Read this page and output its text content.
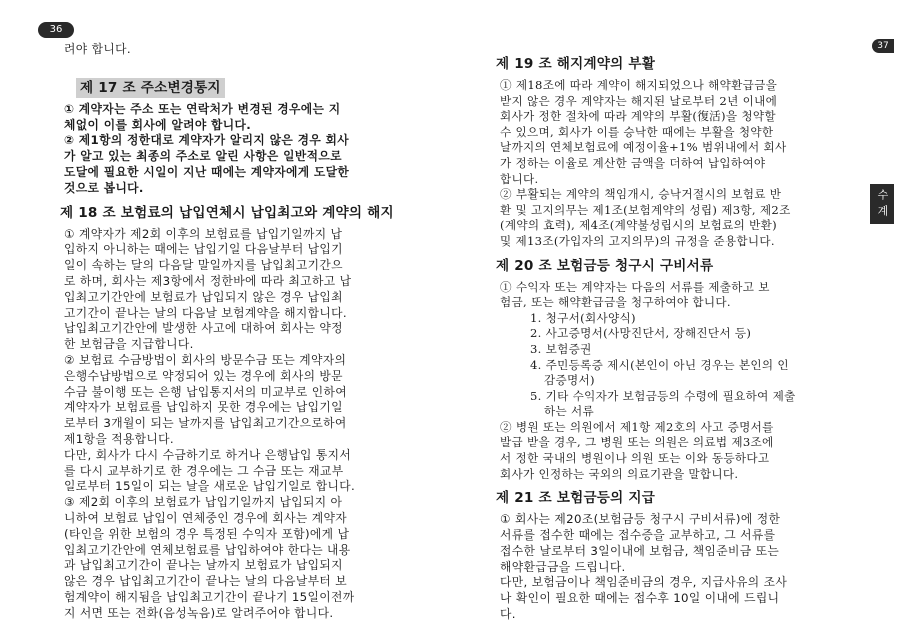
36
37
수계약
려야 합니다.
제 17 조 주소변경통지
① 계약자는 주소 또는 연락처가 변경된 경우에는 지
체없이 이를 회사에 알려야 합니다.
② 제1항의 정한대로 계약자가 알리지 않은 경우 회사
가 알고 있는 최종의 주소로 알린 사항은 일반적으로
도달에 필요한 시일이 지난 때에는 계약자에게 도달한
것으로 봅니다.
제 18 조 보험료의 납입연체시 납입최고와 계약의 해지
① 계약자가 제2회 이후의 보험료를 납입기일까지 납
입하지 아니하는 때에는 납입기일 다음날부터 납입기
일이 속하는 달의 다음달 말일까지를 납입최고기간으
로 하며, 회사는 제3항에서 정한바에 따라 최고하고 납
입최고기간안에 보험료가 납입되지 않은 경우 납입최
고기간이 끝나는 날의 다음날 보험계약을 해지합니다.
납입최고기간안에 발생한 사고에 대하여 회사는 약정
한 보험금을 지급합니다.
② 보험료 수금방법이 회사의 방문수금 또는 계약자의
은행수납방법으로 약정되어 있는 경우에 회사의 방문
수금 불이행 또는 은행 납입통지서의 미교부로 인하여
계약자가 보험료를 납입하지 못한 경우에는 납입기일
로부터 3개월이 되는 날까지를 납입최고기간으로하여
제1항을 적용합니다.
다만, 회사가 다시 수금하기로 하거나 은행납입 통지서
를 다시 교부하기로 한 경우에는 그 수금 또는 재교부
일로부터 15일이 되는 날을 새로운 납입기일로 합니다.
③ 제2회 이후의 보험료가 납입기일까지 납입되지 아
니하여 보험료 납입이 연체중인 경우에 회사는 계약자
(타인을 위한 보험의 경우 특정된 수익자 포함)에게 납
입최고기간안에 연체보험료를 납입하여야 한다는 내용
과 납입최고기간이 끝나는 날까지 보험료가 납입되지
않은 경우 납입최고기간이 끝나는 날의 다음날부터 보
험계약이 해지됨을 납입최고기간이 끝나기 15일이전까
지 서면 또는 전화(음성녹음)로 알려주어야 합니다.
제 19 조 해지계약의 부활
① 제18조에 따라 계약이 해지되었으나 해약환급금을
받지 않은 경우 계약자는 해지된 날로부터 2년 이내에
회사가 정한 절차에 따라 계약의 부활(復活)을 청약할
수 있으며, 회사가 이를 승낙한 때에는 부활을 청약한
날까지의 연체보험료에 예정이율+1% 범위내에서 회사
가 정하는 이율로 계산한 금액을 더하여 납입하여야
합니다.
② 부활되는 계약의 책임개시, 승낙거절시의 보험료 반
환 및 고지의무는 제1조(보험계약의 성립) 제3항, 제2조
(계약의 효력), 제4조(계약불성립시의 보험료의 반환)
및 제13조(가입자의 고지의무)의 규정을 준용합니다.
제 20 조 보험금등 청구시 구비서류
① 수익자 또는 계약자는 다음의 서류를 제출하고 보
험금, 또는 해약환급금을 청구하여야 합니다.
1. 청구서(회사양식)
2. 사고증명서(사망진단서, 장해진단서 등)
3. 보험증권
4. 주민등록증 제시(본인이 아닌 경우는 본인의 인
감증명서)
5. 기타 수익자가 보험금등의 수령에 필요하여 제출
하는 서류
② 병원 또는 의원에서 제1항 제2호의 사고 증명서를
발급 받을 경우, 그 병원 또는 의원은 의료법 제3조에
서 정한 국내의 병원이나 의원 또는 이와 동등하다고
회사가 인정하는 국외의 의료기관을 말합니다.
제 21 조 보험금등의 지급
① 회사는 제20조(보험금등 청구시 구비서류)에 정한
서류를 접수한 때에는 접수증을 교부하고, 그 서류를
접수한 날로부터 3일이내에 보험금, 책임준비금 또는
해약환급금을 드립니다.
다만, 보험금이나 책임준비금의 경우, 지급사유의 조사
나 확인이 필요한 때에는 접수후 10일 이내에 드립니
다.
